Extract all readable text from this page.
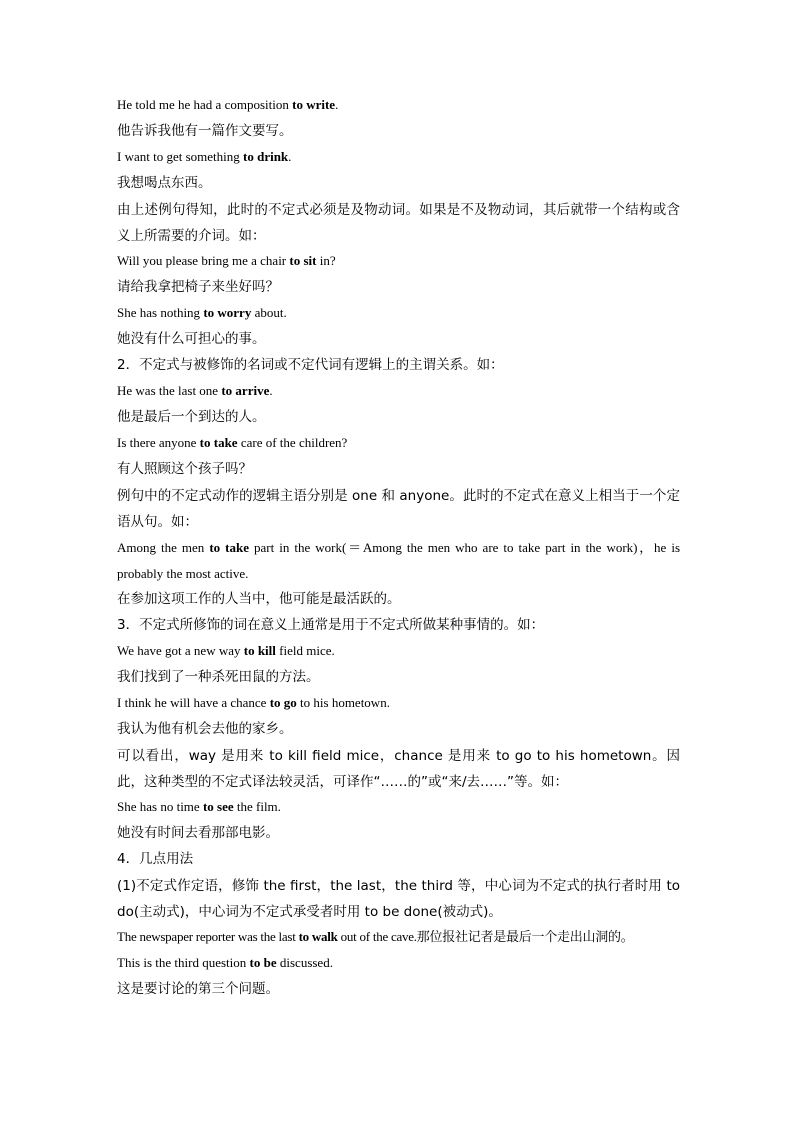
He told me he had a composition to write.
他告诉我他有一篇作文要写。
I want to get something to drink.
我想喝点东西。
由上述例句得知，此时的不定式必须是及物动词。如果是不及物动词，其后就带一个结构或含义上所需要的介词。如：
Will you please bring me a chair to sit in?
请给我拿把椅子来坐好吗？
She has nothing to worry about.
她没有什么可担心的事。
2．不定式与被修饰的名词或不定代词有逻辑上的主谓关系。如：
He was the last one to arrive.
他是最后一个到达的人。
Is there anyone to take care of the children?
有人照顾这个孩子吗？
例句中的不定式动作的逻辑主语分别是 one 和 anyone。此时的不定式在意义上相当于一个定语从句。如：
Among the men to take part in the work(＝Among the men who are to take part in the work)，he is probably the most active.
在参加这项工作的人当中，他可能是最活跃的。
3．不定式所修饰的词在意义上通常是用于不定式所做某种事情的。如：
We have got a new way to kill field mice.
我们找到了一种杀死田鼠的方法。
I think he will have a chance to go to his hometown.
我认为他有机会去他的家乡。
可以看出，way 是用来 to kill field mice，chance 是用来 to go to his hometown。因此，这种类型的不定式译法较灵活，可译作“……的”或“来/去……”等。如：
She has no time to see the film.
她没有时间去看那部电影。
4．几点用法
(1)不定式作定语，修饰 the first，the last，the third 等，中心词为不定式的执行者时用 to do(主动式)，中心词为不定式承受者时用 to be done(被动式)。
The newspaper reporter was the last to walk out of the cave.那位报社记者是最后一个走出山洞的。
This is the third question to be discussed.
这是要讨论的第三个问题。
